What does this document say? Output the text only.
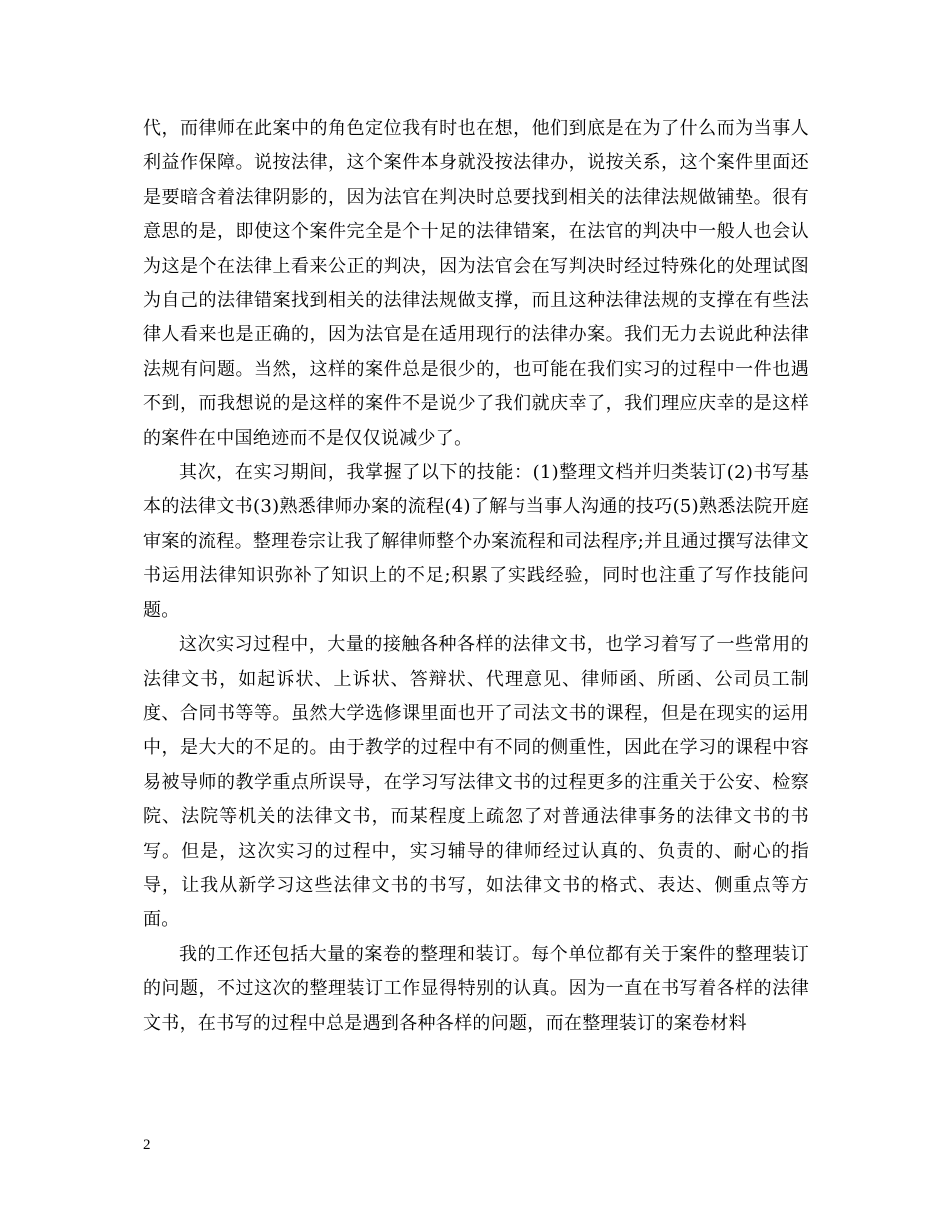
代，而律师在此案中的角色定位我有时也在想，他们到底是在为了什么而为当事人利益作保障。说按法律，这个案件本身就没按法律办，说按关系，这个案件里面还是要暗含着法律阴影的，因为法官在判决时总要找到相关的法律法规做铺垫。很有意思的是，即使这个案件完全是个十足的法律错案，在法官的判决中一般人也会认为这是个在法律上看来公正的判决，因为法官会在写判决时经过特殊化的处理试图为自己的法律错案找到相关的法律法规做支撑，而且这种法律法规的支撑在有些法律人看来也是正确的，因为法官是在适用现行的法律办案。我们无力去说此种法律法规有问题。当然，这样的案件总是很少的，也可能在我们实习的过程中一件也遇不到，而我想说的是这样的案件不是说少了我们就庆幸了，我们理应庆幸的是这样的案件在中国绝迹而不是仅仅说减少了。

其次，在实习期间，我掌握了以下的技能：(1)整理文档并归类装订(2)书写基本的法律文书(3)熟悉律师办案的流程(4)了解与当事人沟通的技巧(5)熟悉法院开庭审案的流程。整理卷宗让我了解律师整个办案流程和司法程序;并且通过撰写法律文书运用法律知识弥补了知识上的不足;积累了实践经验，同时也注重了写作技能问题。

这次实习过程中，大量的接触各种各样的法律文书，也学习着写了一些常用的法律文书，如起诉状、上诉状、答辩状、代理意见、律师函、所函、公司员工制度、合同书等等。虽然大学选修课里面也开了司法文书的课程，但是在现实的运用中，是大大的不足的。由于教学的过程中有不同的侧重性，因此在学习的课程中容易被导师的教学重点所误导，在学习写法律文书的过程更多的注重关于公安、检察院、法院等机关的法律文书，而某程度上疏忽了对普通法律事务的法律文书的书写。但是，这次实习的过程中，实习辅导的律师经过认真的、负责的、耐心的指导，让我从新学习这些法律文书的书写，如法律文书的格式、表达、侧重点等方面。

我的工作还包括大量的案卷的整理和装订。每个单位都有关于案件的整理装订的问题，不过这次的整理装订工作显得特别的认真。因为一直在书写着各样的法律文书，在书写的过程中总是遇到各种各样的问题，而在整理装订的案卷材料

2
